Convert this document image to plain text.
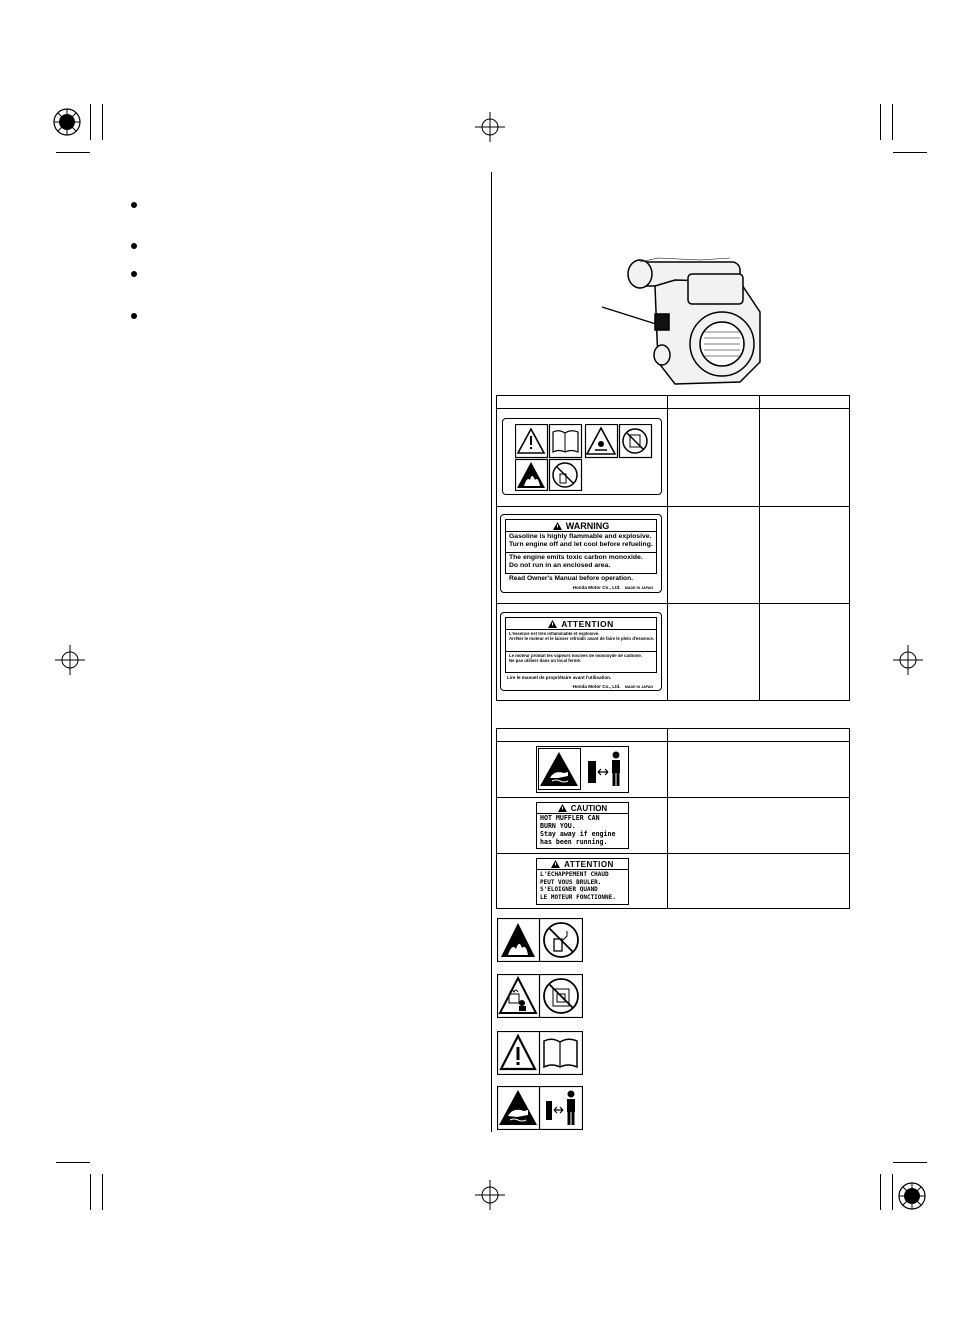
WARNING
Gasoline is highly flammable and explosive.
Turn engine off and let cool before refueling.
The engine emits toxic carbon monoxide.
Do not run in an enclosed area.
Read Owner's Manual before operation.
Honda Motor Co., Ltd. MADE IN JAPAN
ATTENTION
L'essence est très inflammable et explosive.
Arrêter le moteur et le laisser refroidir avant de faire le plein d'essence.
Le moteur produit les vapeurs nocives de monoxyde de carbone.
Ne pas utiliser dans un local fermé.
Lire le manuel de propriétaire avant l'utilisation.
Honda Motor Co., Ltd. MADE IN JAPAN
CAUTION
HOT MUFFLER CAN
BURN YOU.
Stay away if engine
has been running.
ATTENTION
L'ECHAPPEMENT CHAUD
PEUT VOUS BRULER.
S'ELOIGNER QUAND
LE MOTEUR FONCTIONNE.
